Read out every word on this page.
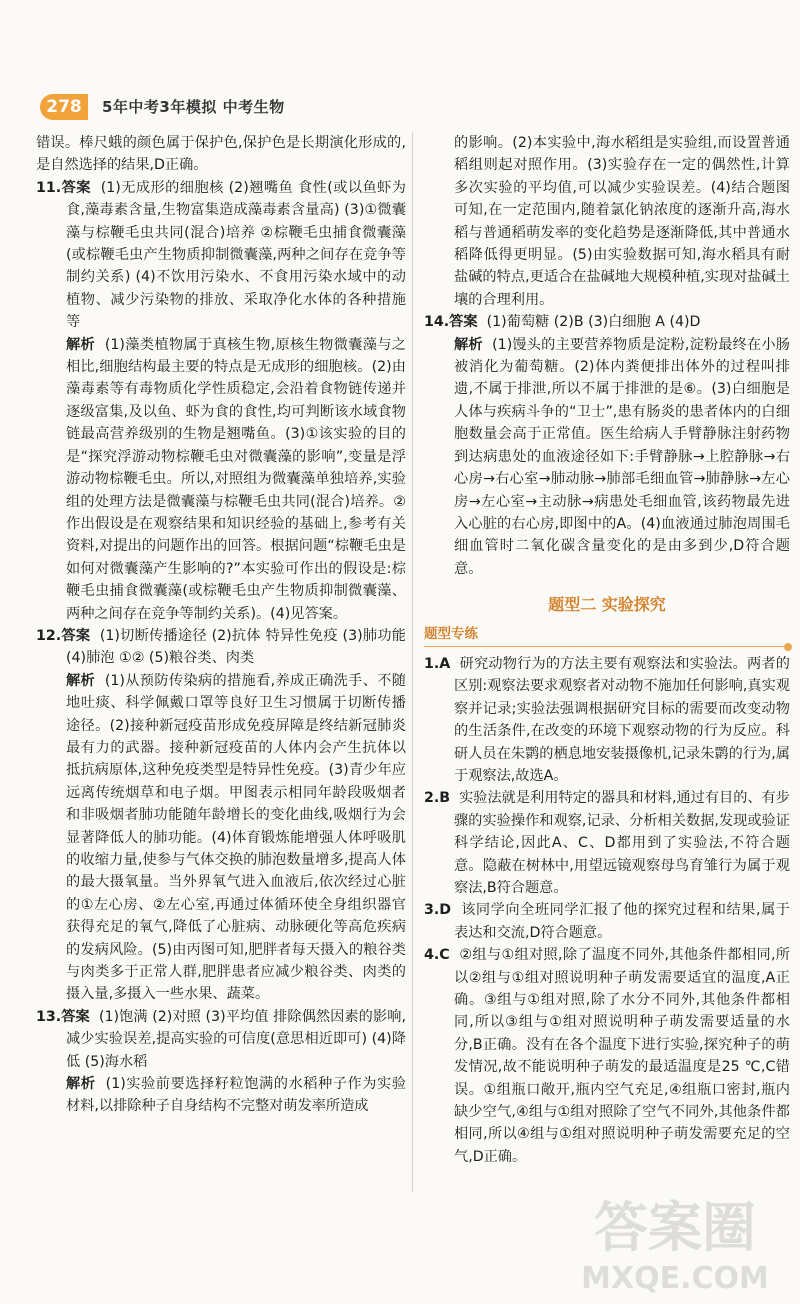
278	5年中考3年模拟 中考生物

错误。棒尺蛾的颜色属于保护色,保护色是长期演化形成的,是自然选择的结果,D正确。

11.答案 (1)无成形的细胞核 (2)翘嘴鱼 食性(或以鱼虾为食,藻毒素含量,生物富集造成藻毒素含量高) (3)①微囊藻与棕鞭毛虫共同(混合)培养 ②棕鞭毛虫捕食微囊藻(或棕鞭毛虫产生物质抑制微囊藻,两种之间存在竞争等制约关系) (4)不饮用污染水、不食用污染水域中的动植物、减少污染物的排放、采取净化水体的各种措施等

解析 (1)藻类植物属于真核生物,原核生物微囊藻与之相比,细胞结构最主要的特点是无成形的细胞核。(2)由藻毒素等有毒物质化学性质稳定,会沿着食物链传递并逐级富集,及以鱼、虾为食的食性,均可判断该水域食物链最高营养级别的生物是翘嘴鱼。(3)①该实验的目的是“探究浮游动物棕鞭毛虫对微囊藻的影响”,变量是浮游动物棕鞭毛虫。所以,对照组为微囊藻单独培养,实验组的处理方法是微囊藻与棕鞭毛虫共同(混合)培养。②作出假设是在观察结果和知识经验的基础上,参考有关资料,对提出的问题作出的回答。根据问题“棕鞭毛虫是如何对微囊藻产生影响的?”本实验可作出的假设是:棕鞭毛虫捕食微囊藻(或棕鞭毛虫产生物质抑制微囊藻、两种之间存在竞争等制约关系)。(4)见答案。

12.答案 (1)切断传播途径 (2)抗体 特异性免疫 (3)肺功能 (4)肺泡 ①② (5)粮谷类、肉类

解析 (1)从预防传染病的措施看,养成正确洗手、不随地吐痰、科学佩戴口罩等良好卫生习惯属于切断传播途径。(2)接种新冠疫苗形成免疫屏障是终结新冠肺炎最有力的武器。接种新冠疫苗的人体内会产生抗体以抵抗病原体,这种免疫类型是特异性免疫。(3)青少年应远离传统烟草和电子烟。甲图表示相同年龄段吸烟者和非吸烟者肺功能随年龄增长的变化曲线,吸烟行为会显著降低人的肺功能。(4)体育锻炼能增强人体呼吸肌的收缩力量,使参与气体交换的肺泡数量增多,提高人体的最大摄氧量。当外界氧气进入血液后,依次经过心脏的①左心房、②左心室,再通过体循环使全身组织器官获得充足的氧气,降低了心脏病、动脉硬化等高危疾病的发病风险。(5)由丙图可知,肥胖者每天摄入的粮谷类与肉类多于正常人群,肥胖患者应减少粮谷类、肉类的摄入量,多摄入一些水果、蔬菜。

13.答案 (1)饱满 (2)对照 (3)平均值 排除偶然因素的影响,减少实验误差,提高实验的可信度(意思相近即可) (4)降低 (5)海水稻

解析 (1)实验前要选择籽粒饱满的水稻种子作为实验材料,以排除种子自身结构不完整对萌发率所造成

的影响。(2)本实验中,海水稻组是实验组,而设置普通稻组则起对照作用。(3)实验存在一定的偶然性,计算多次实验的平均值,可以减少实验误差。(4)结合题图可知,在一定范围内,随着氯化钠浓度的逐渐升高,海水稻与普通稻萌发率的变化趋势是逐渐降低,其中普通水稻降低得更明显。(5)由实验数据可知,海水稻具有耐盐碱的特点,更适合在盐碱地大规模种植,实现对盐碱土壤的合理利用。

14.答案 (1)葡萄糖 (2)B (3)白细胞 A (4)D

解析 (1)馒头的主要营养物质是淀粉,淀粉最终在小肠被消化为葡萄糖。(2)体内粪便排出体外的过程叫排遗,不属于排泄,所以不属于排泄的是⑥。(3)白细胞是人体与疾病斗争的“卫士”,患有肠炎的患者体内的白细胞数量会高于正常值。医生给病人手臂静脉注射药物到达病患处的血液途径如下:手臂静脉→上腔静脉→右心房→右心室→肺动脉→肺部毛细血管→肺静脉→左心房→左心室→主动脉→病患处毛细血管,该药物最先进入心脏的右心房,即图中的A。(4)血液通过肺泡周围毛细血管时二氧化碳含量变化的是由多到少,D符合题意。

题型二 实验探究
题型专练

1.A 研究动物行为的方法主要有观察法和实验法。两者的区别:观察法要求观察者对动物不施加任何影响,真实观察并记录;实验法强调根据研究目标的需要而改变动物的生活条件,在改变的环境下观察动物的行为反应。科研人员在朱鹮的栖息地安装摄像机,记录朱鹮的行为,属于观察法,故选A。

2.B 实验法就是利用特定的器具和材料,通过有目的、有步骤的实验操作和观察,记录、分析相关数据,发现或验证科学结论,因此A、C、D都用到了实验法,不符合题意。隐蔽在树林中,用望远镜观察母鸟育雏行为属于观察法,B符合题意。

3.D 该同学向全班同学汇报了他的探究过程和结果,属于表达和交流,D符合题意。

4.C ②组与①组对照,除了温度不同外,其他条件都相同,所以②组与①组对照说明种子萌发需要适宜的温度,A正确。③组与①组对照,除了水分不同外,其他条件都相同,所以③组与①组对照说明种子萌发需要适量的水分,B正确。没有在各个温度下进行实验,探究种子的萌发情况,故不能说明种子萌发的最适温度是25 ℃,C错误。①组瓶口敞开,瓶内空气充足,④组瓶口密封,瓶内缺少空气,④组与①组对照除了空气不同外,其他条件都相同,所以④组与①组对照说明种子萌发需要充足的空气,D正确。

答案圈
MXQE.COM
